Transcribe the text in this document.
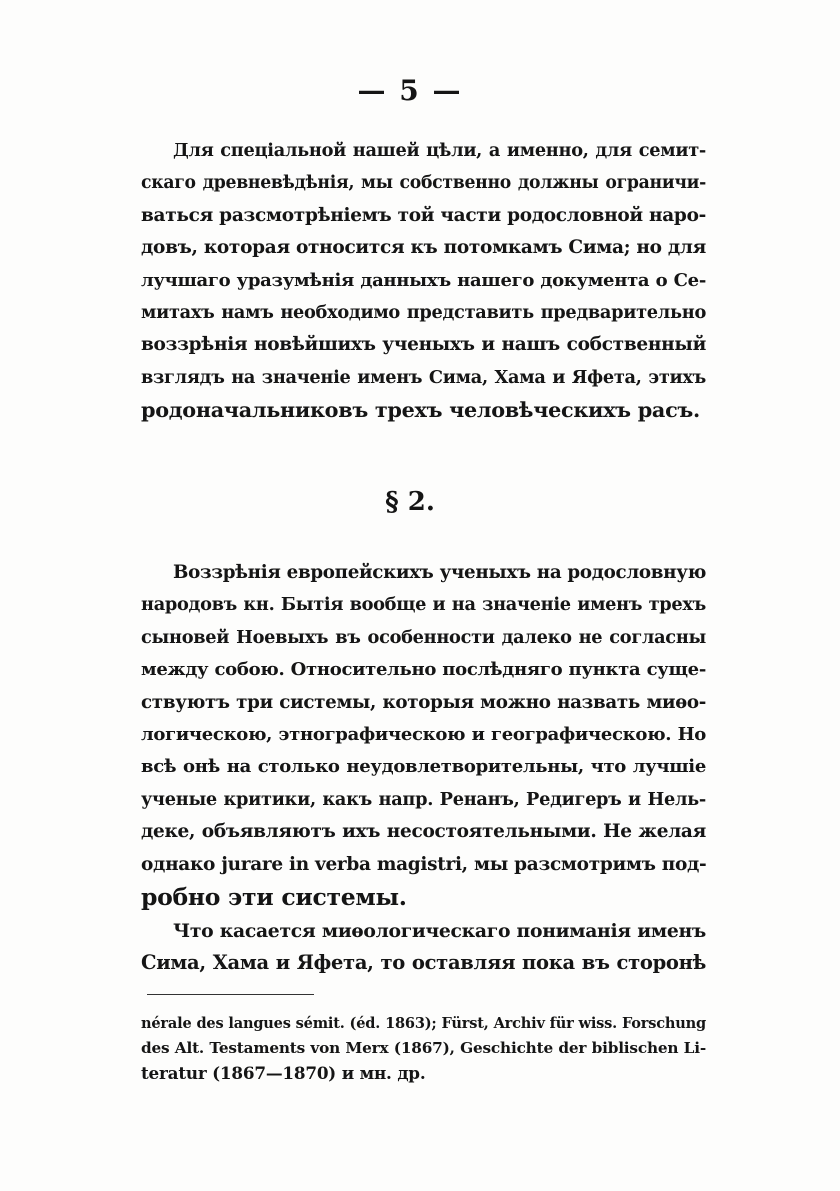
— 5 —
Для спеціальной нашей цѣли, а именно, для семит-
скаго древневѣдѣнія, мы собственно должны ограничи-
ваться разсмотрѣніемъ той части родословной наро-
довъ, которая относится къ потомкамъ Сима; но для
лучшаго уразумѣнія данныхъ нашего документа о Се-
митахъ намъ необходимо представить предварительно
воззрѣнія новѣйшихъ ученыхъ и нашъ собственный
взглядъ на значеніе именъ Сима, Хама и Яфета, этихъ
родоначальниковъ трехъ человѣческихъ расъ.
§ 2.
Воззрѣнія европейскихъ ученыхъ на родословную
народовъ кн. Бытія вообще и на значеніе именъ трехъ
сыновей Ноевыхъ въ особенности далеко не согласны
между собою. Относительно послѣдняго пункта суще-
ствуютъ три системы, которыя можно назвать миѳо-
логическою, этнографическою и географическою. Но
всѣ онѣ на столько неудовлетворительны, что лучшіе
ученые критики, какъ напр. Ренанъ, Редигеръ и Нель-
деке, объявляютъ ихъ несостоятельными. Не желая
однако jurare in verba magistri, мы разсмотримъ под-
робно эти системы.
Что касается миѳологическаго пониманія именъ
Сима, Хама и Яфета, то оставляя пока въ сторонѣ
nérale des langues sémit. (éd. 1863); Fürst, Archiv für wiss. Forschung
des Alt. Testaments von Merx (1867), Geschichte der biblischen Li-
teratur (1867—1870) и мн. др.
